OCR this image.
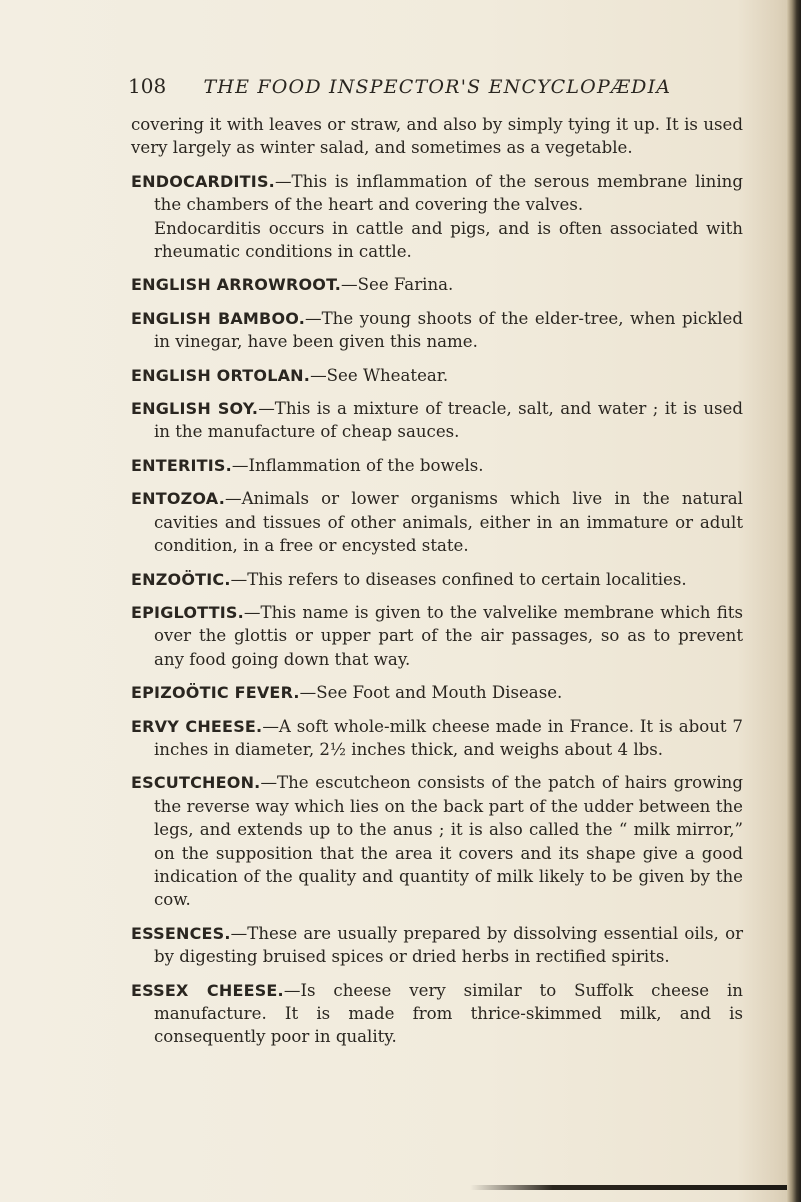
108 THE FOOD INSPECTOR'S ENCYCLOPÆDIA

covering it with leaves or straw, and also by simply tying it up. It is used very largely as winter salad, and sometimes as a vegetable.

ENDOCARDITIS.—This is inflammation of the serous membrane lining the chambers of the heart and covering the valves.

Endocarditis occurs in cattle and pigs, and is often associated with rheumatic conditions in cattle.

ENGLISH ARROWROOT.—See Farina.

ENGLISH BAMBOO.—The young shoots of the elder-tree, when pickled in vinegar, have been given this name.

ENGLISH ORTOLAN.—See Wheatear.

ENGLISH SOY.—This is a mixture of treacle, salt, and water ; it is used in the manufacture of cheap sauces.

ENTERITIS.—Inflammation of the bowels.

ENTOZOA.—Animals or lower organisms which live in the natural cavities and tissues of other animals, either in an immature or adult condition, in a free or encysted state.

ENZOÖTIC.—This refers to diseases confined to certain localities.

EPIGLOTTIS.—This name is given to the valvelike membrane which fits over the glottis or upper part of the air passages, so as to prevent any food going down that way.

EPIZOÖTIC FEVER.—See Foot and Mouth Disease.

ERVY CHEESE.—A soft whole-milk cheese made in France. It is about 7 inches in diameter, 2½ inches thick, and weighs about 4 lbs.

ESCUTCHEON.—The escutcheon consists of the patch of hairs growing the reverse way which lies on the back part of the udder between the legs, and extends up to the anus ; it is also called the “ milk mirror,” on the supposition that the area it covers and its shape give a good indication of the quality and quantity of milk likely to be given by the cow.

ESSENCES.—These are usually prepared by dissolving essential oils, or by digesting bruised spices or dried herbs in rectified spirits.

ESSEX CHEESE.—Is cheese very similar to Suffolk cheese in manufacture. It is made from thrice-skimmed milk, and is consequently poor in quality.
